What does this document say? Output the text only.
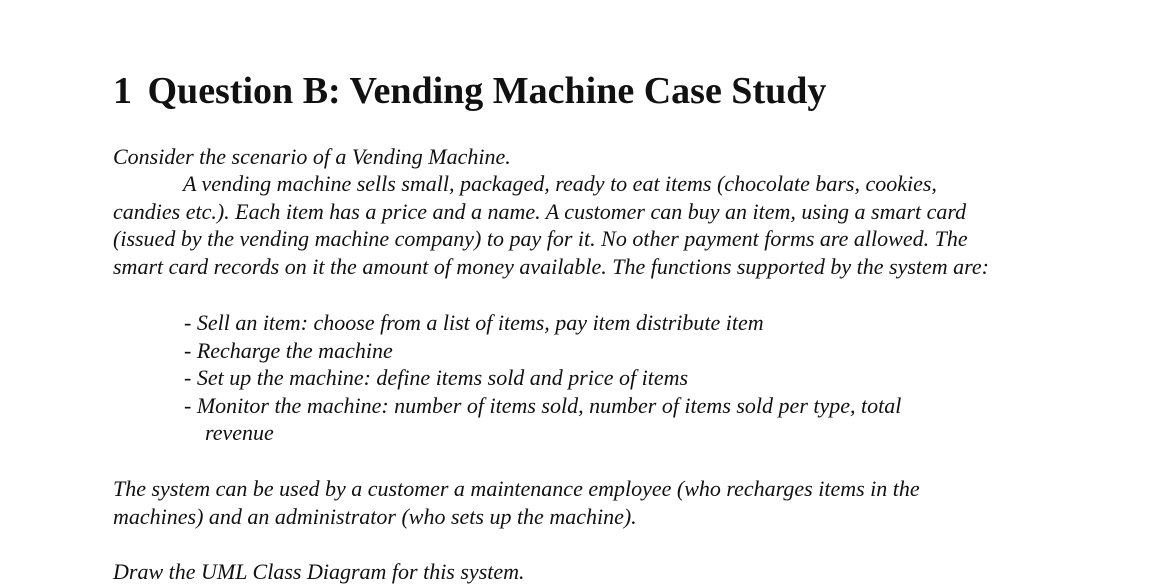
1 Question B: Vending Machine Case Study

Consider the scenario of a Vending Machine.

A vending machine sells small, packaged, ready to eat items (chocolate bars, cookies, candies etc.). Each item has a price and a name. A customer can buy an item, using a smart card (issued by the vending machine company) to pay for it. No other payment forms are allowed. The smart card records on it the amount of money available. The functions supported by the system are:

- Sell an item: choose from a list of items, pay item distribute item
- Recharge the machine
- Set up the machine: define items sold and price of items
- Monitor the machine: number of items sold, number of items sold per type, total
revenue

The system can be used by a customer a maintenance employee (who recharges items in the machines) and an administrator (who sets up the machine).

Draw the UML Class Diagram for this system.
